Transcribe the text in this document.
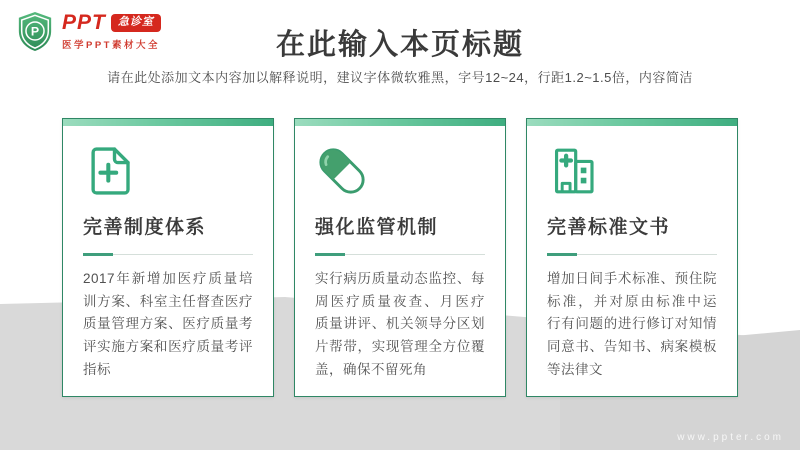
P PPT	急诊室
医学PPT素材大全	在此输入本页标题
请在此处添加文本内容加以解释说明，建议字体微软雅黑，字号12~24，行距1.2~1.5倍，内容简洁
完善制度体系
2017年新增加医疗质量培训方案、科室主任督查医疗 质量管理方案、医疗质量考评实施方案和医疗质量考评指标
强化监管机制
实行病历质量动态监控、每周医疗质量夜查、月医疗 质量讲评、机关领导分区划片帮带，实现管理全方位覆盖，确保不留死角
完善标准文书
增加日间手术标准、预住院标准，并对原由标准中运 行有问题的进行修订对知情同意书、告知书、病案模板等法律文
www.ppter.com
